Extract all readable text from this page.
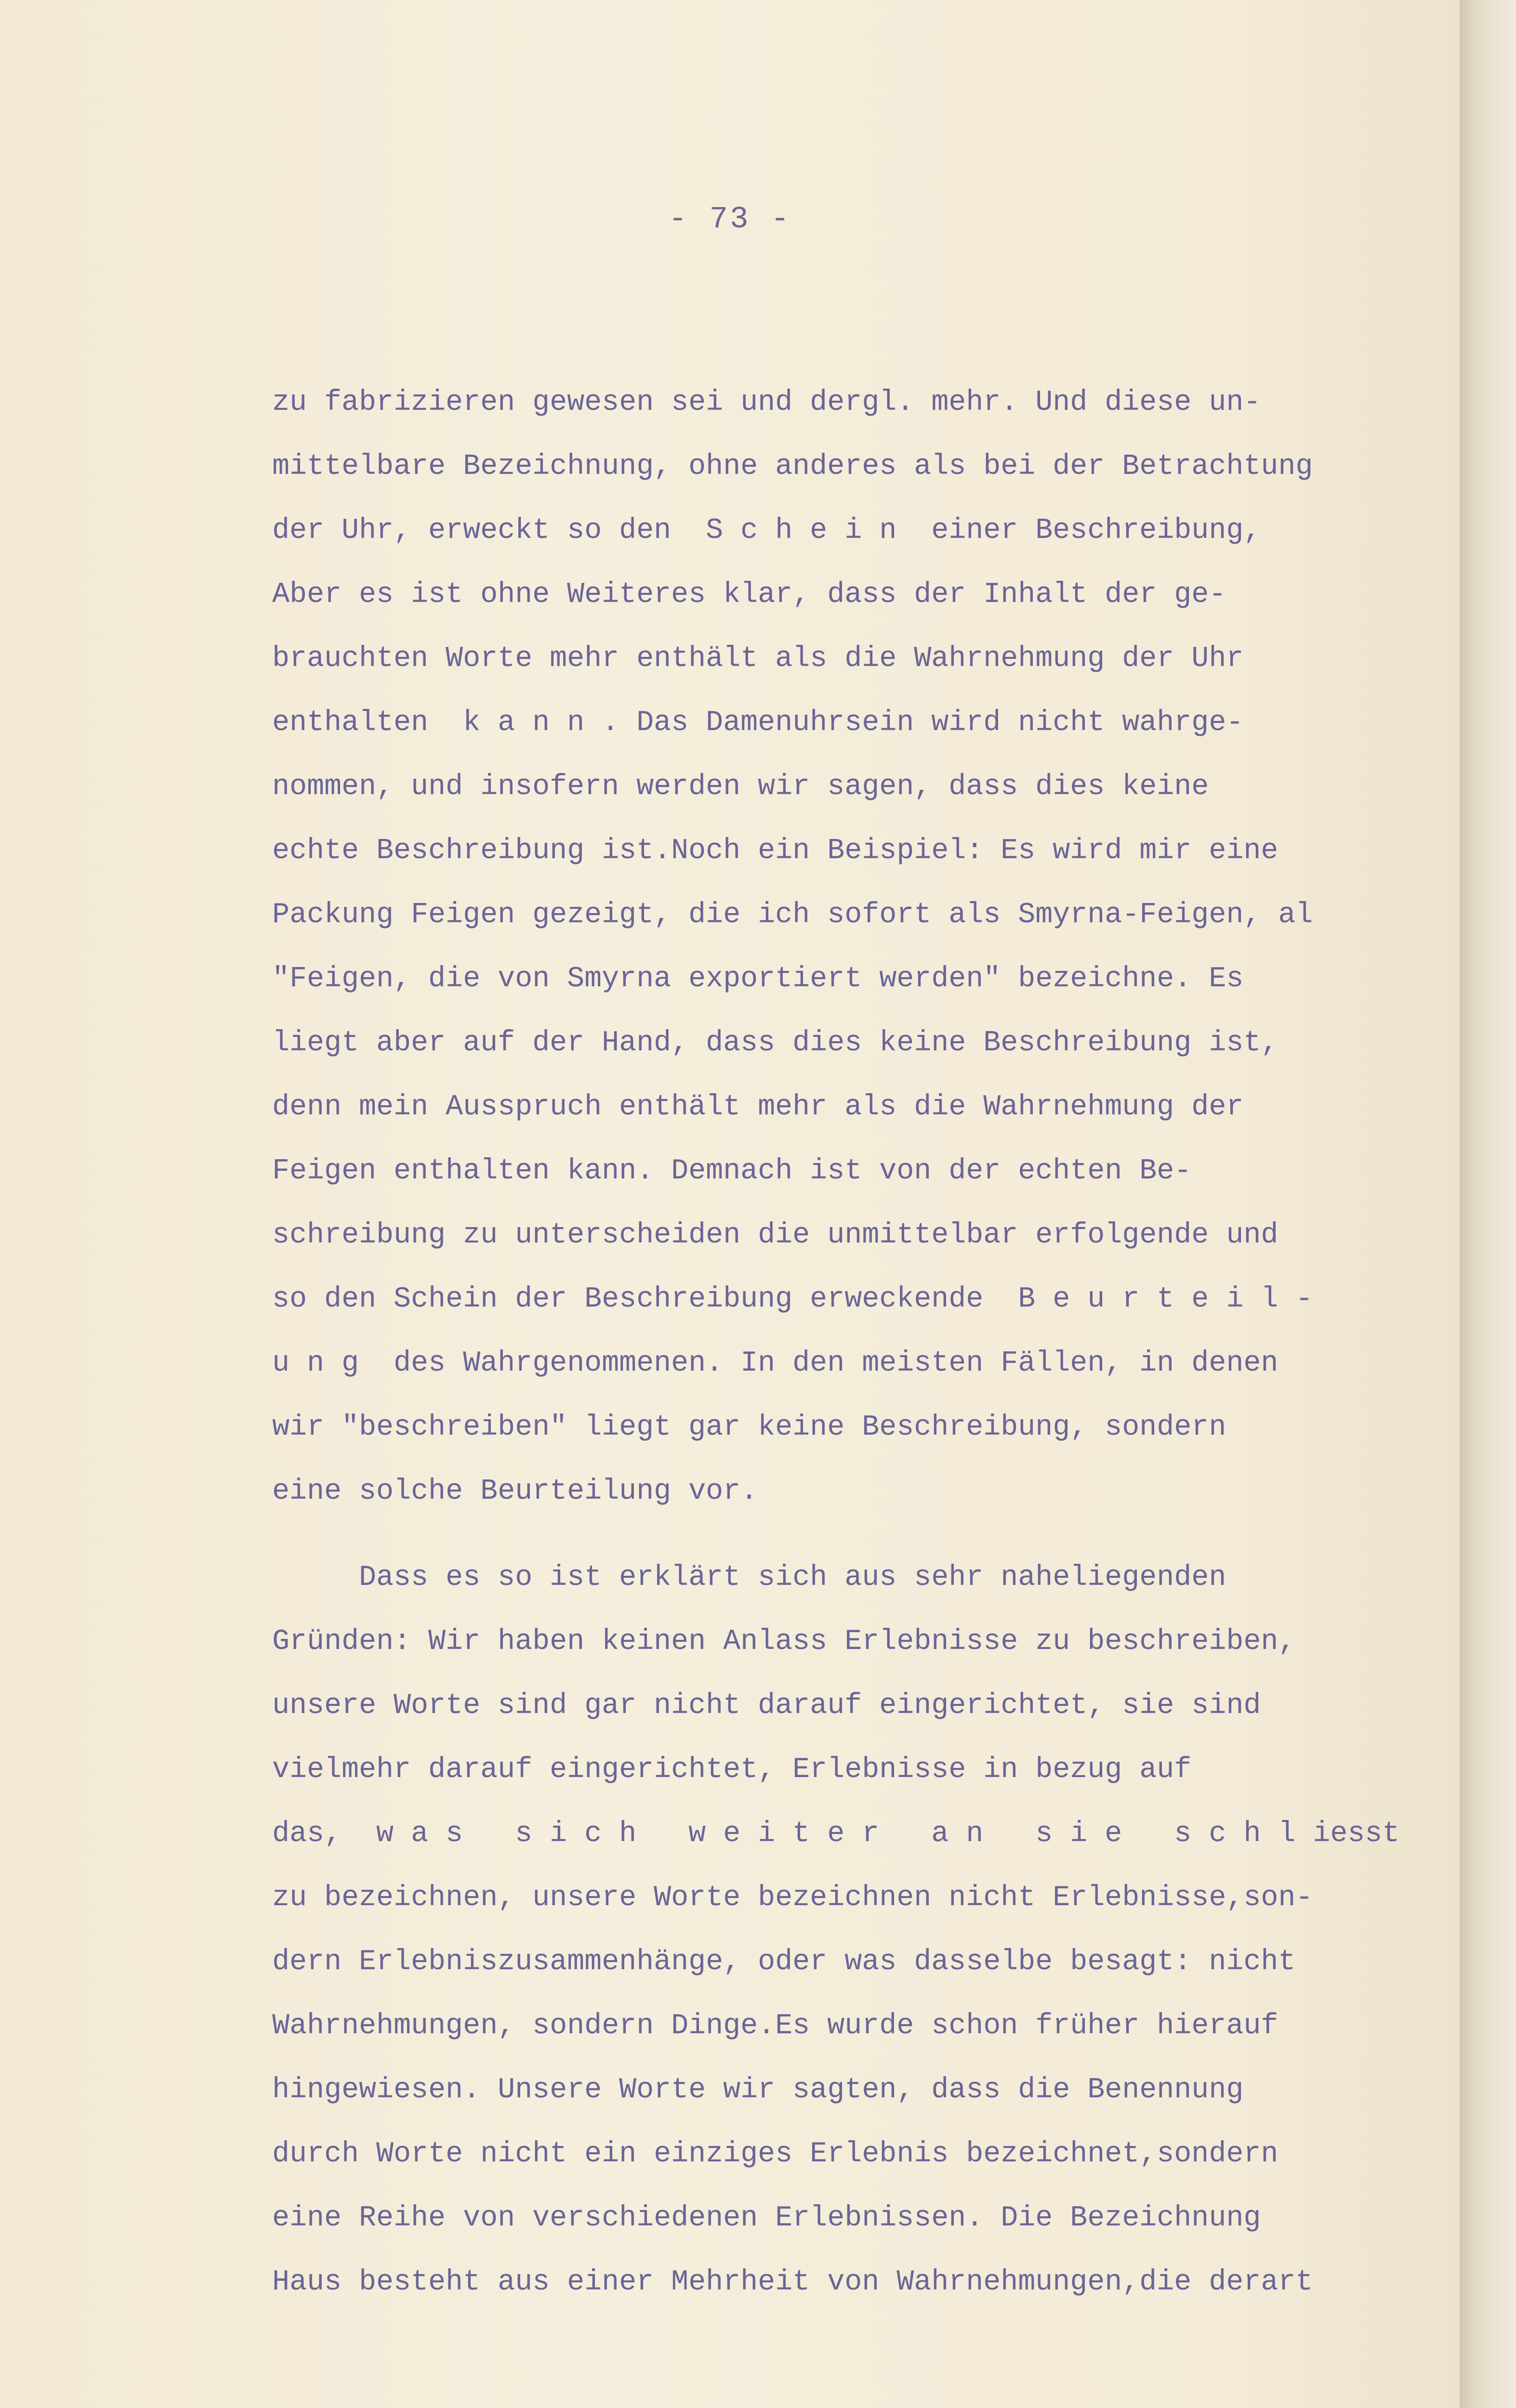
- 73 -
zu fabrizieren gewesen sei und dergl. mehr. Und diese un-
mittelbare Bezeichnung, ohne anderes als bei der Betrachtung
der Uhr, erweckt so den  S c h e i n  einer Beschreibung,
Aber es ist ohne Weiteres klar, dass der Inhalt der ge-
brauchten Worte mehr enthält als die Wahrnehmung der Uhr
enthalten  k a n n . Das Damenuhrsein wird nicht wahrge-
nommen, und insofern werden wir sagen, dass dies keine
echte Beschreibung ist.Noch ein Beispiel: Es wird mir eine
Packung Feigen gezeigt, die ich sofort als Smyrna-Feigen, al
"Feigen, die von Smyrna exportiert werden" bezeichne. Es
liegt aber auf der Hand, dass dies keine Beschreibung ist,
denn mein Ausspruch enthält mehr als die Wahrnehmung der
Feigen enthalten kann. Demnach ist von der echten Be-
schreibung zu unterscheiden die unmittelbar erfolgende und
so den Schein der Beschreibung erweckende  B e u r t e i l -
u n g  des Wahrgenommenen. In den meisten Fällen, in denen
wir "beschreiben" liegt gar keine Beschreibung, sondern
eine solche Beurteilung vor.
Dass es so ist erklärt sich aus sehr naheliegenden
Gründen: Wir haben keinen Anlass Erlebnisse zu beschreiben,
unsere Worte sind gar nicht darauf eingerichtet, sie sind
vielmehr darauf eingerichtet, Erlebnisse in bezug auf
das,  w a s   s i c h   w e i t e r   a n   s i e   s c h l iesst
zu bezeichnen, unsere Worte bezeichnen nicht Erlebnisse,son-
dern Erlebniszusammenhänge, oder was dasselbe besagt: nicht
Wahrnehmungen, sondern Dinge.Es wurde schon früher hierauf
hingewiesen. Unsere Worte wir sagten, dass die Benennung
durch Worte nicht ein einziges Erlebnis bezeichnet,sondern
eine Reihe von verschiedenen Erlebnissen. Die Bezeichnung
Haus besteht aus einer Mehrheit von Wahrnehmungen,die derart
